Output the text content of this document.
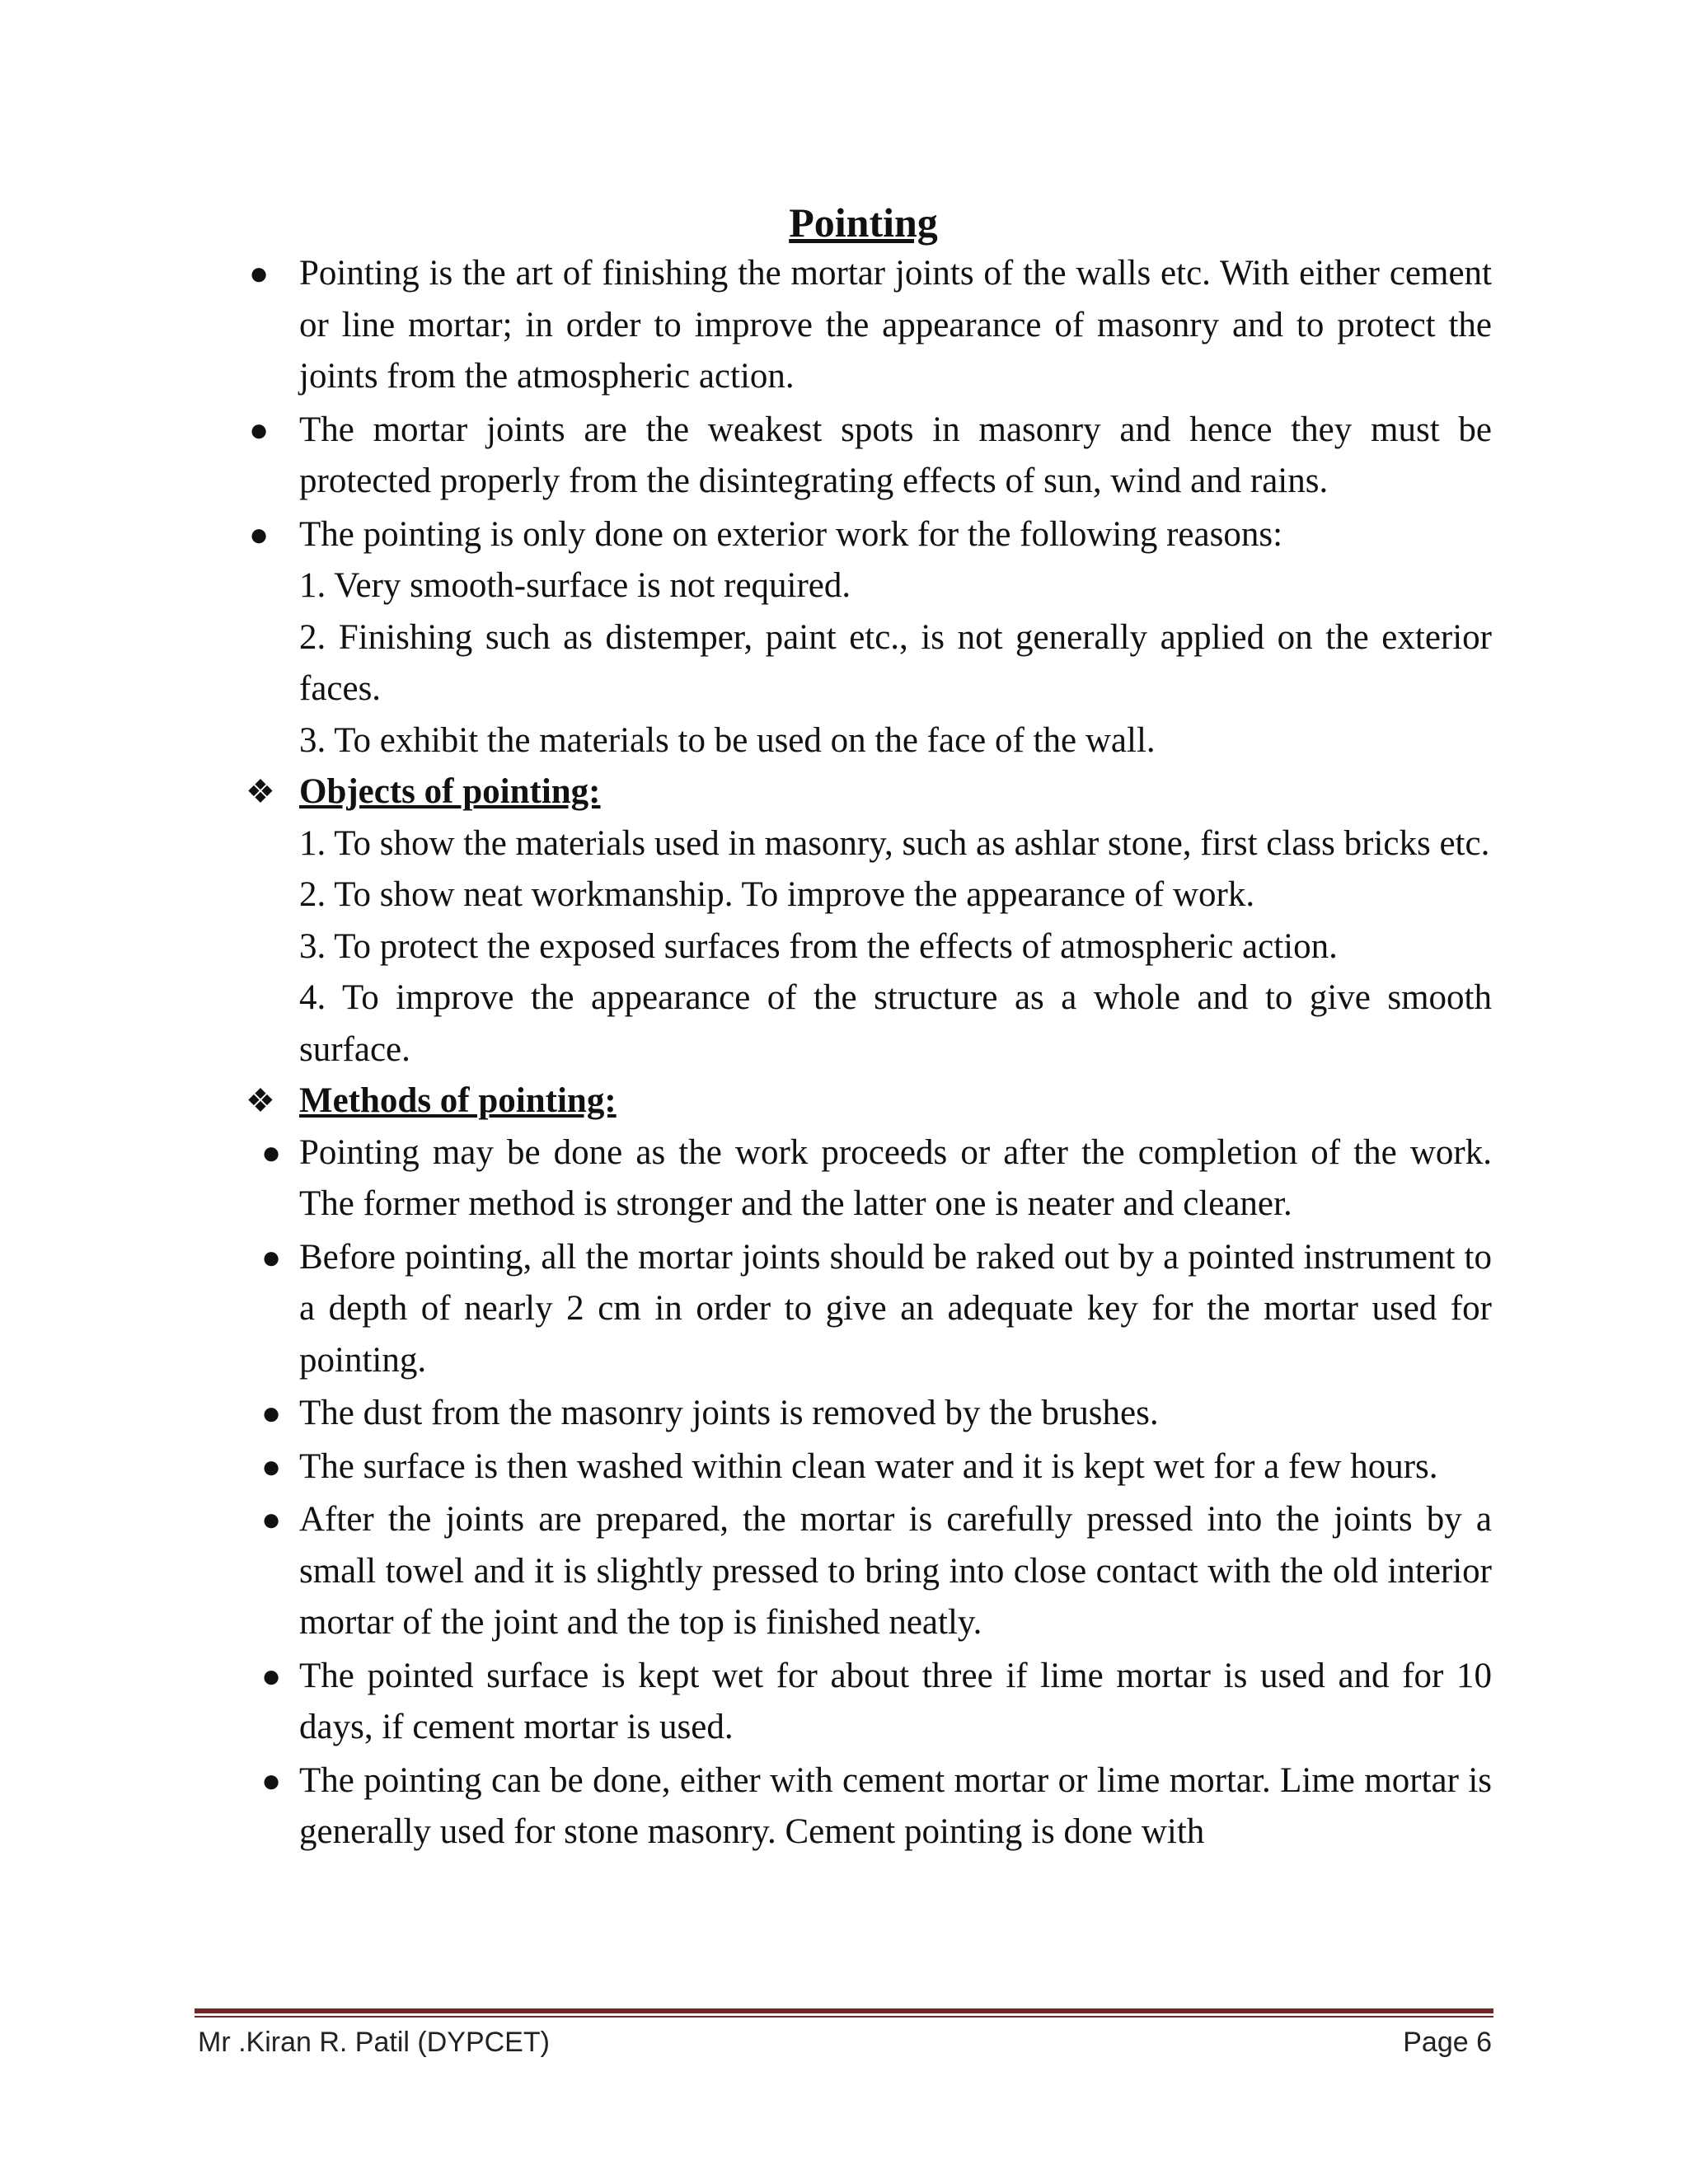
Pointing
● Pointing is the art of finishing the mortar joints of the walls etc. With either cement or line mortar; in order to improve the appearance of masonry and to protect the joints from the atmospheric action.
● The mortar joints are the weakest spots in masonry and hence they must be protected properly from the disintegrating effects of sun, wind and rains.
● The pointing is only done on exterior work for the following reasons:
1. Very smooth-surface is not required.
2. Finishing such as distemper, paint etc., is not generally applied on the exterior faces.
3. To exhibit the materials to be used on the face of the wall.
❖ Objects of pointing:
1. To show the materials used in masonry, such as ashlar stone, first class bricks etc.
2. To show neat workmanship. To improve the appearance of work.
3. To protect the exposed surfaces from the effects of atmospheric action.
4. To improve the appearance of the structure as a whole and to give smooth surface.
❖ Methods of pointing:
● Pointing may be done as the work proceeds or after the completion of the work. The former method is stronger and the latter one is neater and cleaner.
● Before pointing, all the mortar joints should be raked out by a pointed instrument to a depth of nearly 2 cm in order to give an adequate key for the mortar used for pointing.
● The dust from the masonry joints is removed by the brushes.
● The surface is then washed within clean water and it is kept wet for a few hours.
● After the joints are prepared, the mortar is carefully pressed into the joints by a small towel and it is slightly pressed to bring into close contact with the old interior mortar of the joint and the top is finished neatly.
● The pointed surface is kept wet for about three if lime mortar is used and for 10 days, if cement mortar is used.
● The pointing can be done, either with cement mortar or lime mortar. Lime mortar is generally used for stone masonry. Cement pointing is done with
Mr .Kiran R. Patil (DYPCET)	Page 6
